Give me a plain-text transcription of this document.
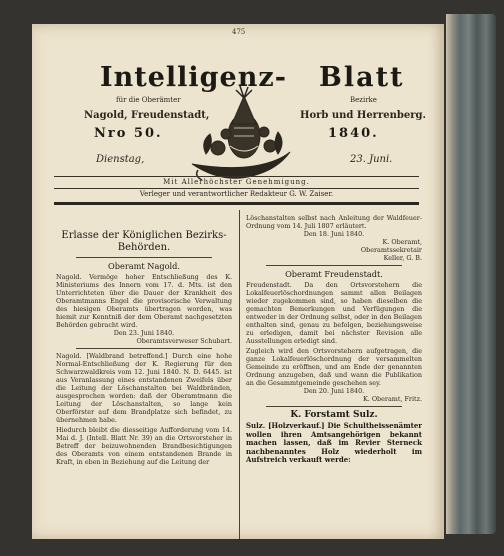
475
Intelligenz- Blatt
für die Oberämter
Nagold, Freudenstadt,
Bezirke
Horb und Herrenberg.
Nro 50.	1840.
Dienstag,	23. Juni.
Mit Allerhöchster Genehmigung.
Verleger und verantwortlicher Redakteur G. W. Zaiser.
Erlasse der Königlichen Bezirks-Behörden.
Oberamt Nagold.

Nagold. Vermöge hoher Entschließung des K. Ministeriums des Innern vom 17. d. Mts. ist den Unterrichteten über die Dauer der Krankheit des Oberamtmanns Engel die provisorische Verwaltung des hiesigen Oberamts übertragen worden, was hiemit zur Kenntniß der dem Oberamt nachgesetzten Behörden gebracht wird.

Den 23. Juni 1840.

Oberamtsverweser Schubart.

Nagold. [Waldbrand betreffend.] Durch eine hohe Normal-Entschließung der K. Regierung für den Schwarzwaldkreis vom 12. Juni 1840. N. D. 6445. ist aus Veranlassung eines entstandenen Zweifels über die Leitung der Löschanstalten bei Waldbränden, ausgesprochen worden: daß der Oberamtmann die Leitung der Löschanstalten, so lange kein Oberförster auf dem Brandplatze sich befindet, zu übernehmen habe.

Hiedurch bleibt die diesseitige Aufforderung vom 14. Mai d. J. (Intell. Blatt Nr. 39) an die Ortsvorsteher in Betreff der beizuwohnenden Brandbesichtigungen des Oberamts von einem entstandenen Brande in Kraft, in eben in Beziehung auf die Leitung der

Löschanstalten selbst nach Anleitung der Waldfeuer-Ordnung vom 14. Juli 1807 erläutert.

Den 18. Juni 1840.

K. Oberamt,

Oberamtssekretair

Keller, G. B.

Oberamt Freudenstadt.

Freudenstadt. Da den Ortsvorstehern die Lokalfeuerlöschordnungen sammt allen Beilagen wieder zugekommen sind, so haben dieselben die gemachten Bemerkungen und Verfügungen die entweder in der Ordnung selbst, oder in den Beilagen enthalten sind, genau zu befolgen, beziehungsweise zu erledigen, damit bei nächster Revision alle Ausstellungen erledigt sind.

Zugleich wird den Ortsvorstehern aufgetragen, die ganze Lokalfeuerlöschordnung der versammelten Gemeinde zu eröffnen, und am Ende der genannten Ordnung anzugeben, daß und wann die Publikation an die Gesammtgemeinde geschehen sey.

Den 20. Juni 1840.

K. Oberamt, Fritz.

K. Forstamt Sulz.

Sulz. [Holzverkauf.] Die Schultheissenämter wollen ihren Amtsangehörigen bekannt machen lassen, daß im Revier Sterneck nachbenanntes Holz wiederholt im Aufstreich verkauft werde:
